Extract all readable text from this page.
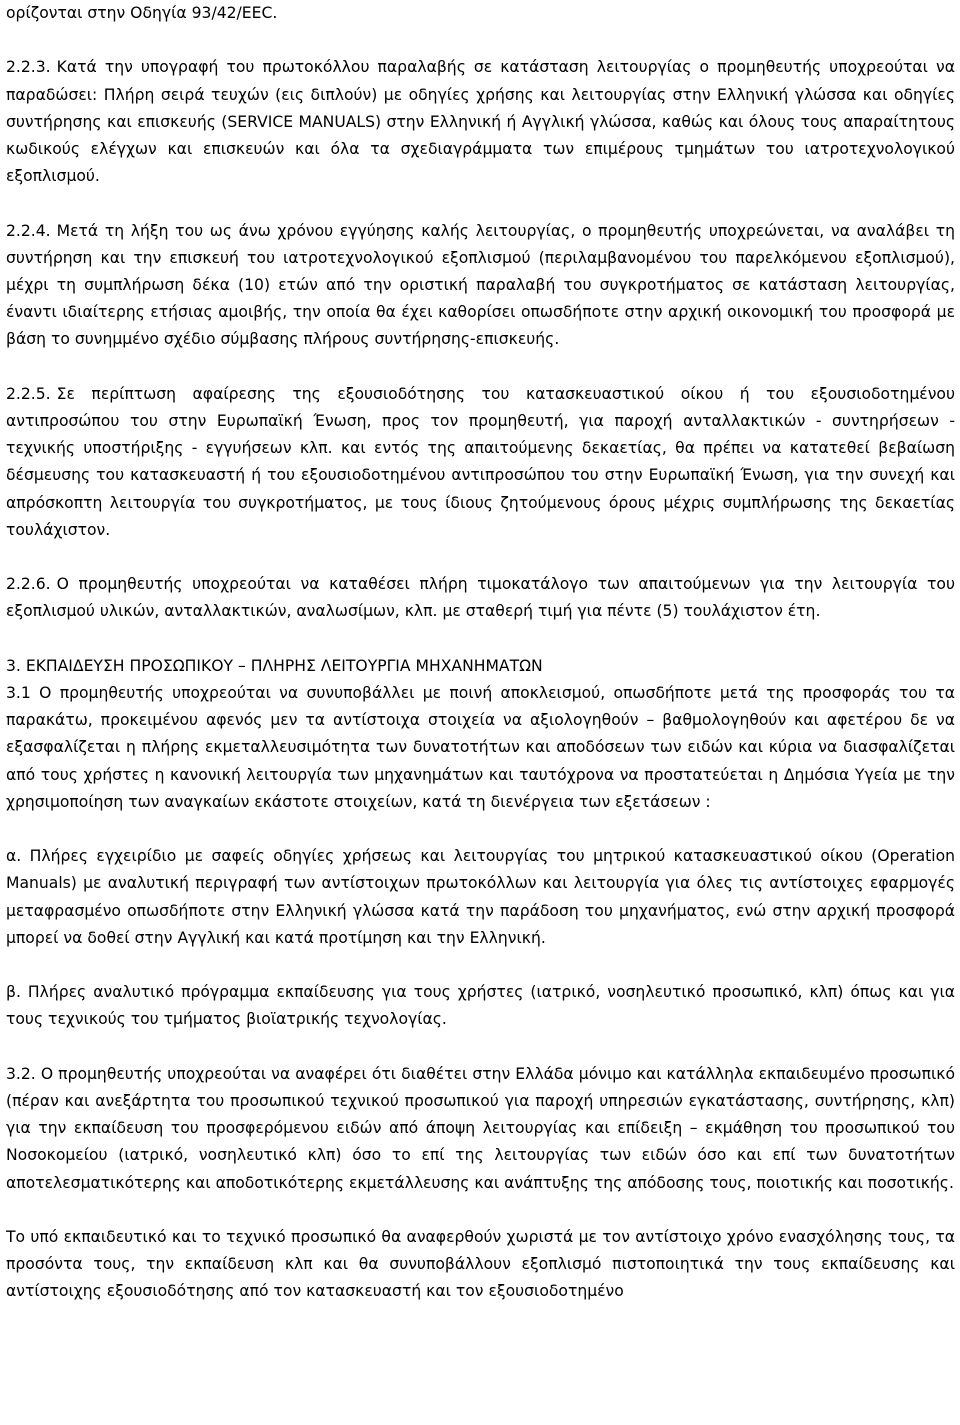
ορίζονται στην Οδηγία 93/42/ΕΕC.

2.2.3. Κατά την υπογραφή του πρωτοκόλλου παραλαβής σε κατάσταση λειτουργίας ο προμηθευτής υποχρεούται να παραδώσει: Πλήρη σειρά τευχών (εις διπλούν) με οδηγίες χρήσης και λειτουργίας στην Ελληνική γλώσσα και οδηγίες συντήρησης και επισκευής (SERVICE MANUALS) στην Ελληνική ή Αγγλική γλώσσα, καθώς και όλους τους απαραίτητους κωδικούς ελέγχων και επισκευών και όλα τα σχεδιαγράμματα των επιμέρους τμημάτων του ιατροτεχνολογικού εξοπλισμού.

2.2.4. Μετά τη λήξη του ως άνω χρόνου εγγύησης καλής λειτουργίας, ο προμηθευτής υποχρεώνεται, να αναλάβει τη συντήρηση και την επισκευή του ιατροτεχνολογικού εξοπλισμού (περιλαμβανομένου του παρελκόμενου εξοπλισμού), μέχρι τη συμπλήρωση δέκα (10) ετών από την οριστική παραλαβή του συγκροτήματος σε κατάσταση λειτουργίας, έναντι ιδιαίτερης ετήσιας αμοιβής, την οποία θα έχει καθορίσει οπωσδήποτε στην αρχική οικονομική του προσφορά με βάση το συνημμένο σχέδιο σύμβασης πλήρους συντήρησης-επισκευής.

2.2.5. Σε περίπτωση αφαίρεσης της εξουσιοδότησης του κατασκευαστικού οίκου ή του εξουσιοδοτημένου αντιπροσώπου του στην Ευρωπαϊκή Ένωση, προς τον προμηθευτή, για παροχή ανταλλακτικών - συντηρήσεων - τεχνικής υποστήριξης - εγγυήσεων κλπ. και εντός της απαιτούμενης δεκαετίας, θα πρέπει να κατατεθεί βεβαίωση δέσμευσης του κατασκευαστή ή του εξουσιοδοτημένου αντιπροσώπου του στην Ευρωπαϊκή Ένωση, για την συνεχή και απρόσκοπτη λειτουργία του συγκροτήματος, με τους ίδιους ζητούμενους όρους μέχρις συμπλήρωσης της δεκαετίας τουλάχιστον.

2.2.6. Ο προμηθευτής υποχρεούται να καταθέσει πλήρη τιμοκατάλογο των απαιτούμενων για την λειτουργία του εξοπλισμού υλικών, ανταλλακτικών, αναλωσίμων, κλπ. με σταθερή τιμή για πέντε (5) τουλάχιστον έτη.

3. ΕΚΠΑΙΔΕΥΣΗ ΠΡΟΣΩΠΙΚΟΥ – ΠΛΗΡΗΣ ΛΕΙΤΟΥΡΓΙΑ ΜΗΧΑΝΗΜΑΤΩΝ

3.1 Ο προμηθευτής υποχρεούται να συνυποβάλλει με ποινή αποκλεισμού, οπωσδήποτε μετά της προσφοράς του τα παρακάτω, προκειμένου αφενός μεν τα αντίστοιχα στοιχεία να αξιολογηθούν – βαθμολογηθούν και αφετέρου δε να εξασφαλίζεται η πλήρης εκμεταλλευσιμότητα των δυνατοτήτων και αποδόσεων των ειδών και κύρια να διασφαλίζεται από τους χρήστες η κανονική λειτουργία των μηχανημάτων και ταυτόχρονα να προστατεύεται η Δημόσια Υγεία με την χρησιμοποίηση των αναγκαίων εκάστοτε στοιχείων, κατά τη διενέργεια των εξετάσεων :

α. Πλήρες εγχειρίδιο με σαφείς οδηγίες χρήσεως και λειτουργίας του μητρικού κατασκευαστικού οίκου (Operation Manuals) με αναλυτική περιγραφή των αντίστοιχων πρωτοκόλλων και λειτουργία για όλες τις αντίστοιχες εφαρμογές μεταφρασμένο οπωσδήποτε στην Ελληνική γλώσσα κατά την παράδοση του μηχανήματος, ενώ στην αρχική προσφορά μπορεί να δοθεί στην Αγγλική και κατά προτίμηση και την Ελληνική.

β. Πλήρες αναλυτικό πρόγραμμα εκπαίδευσης για τους χρήστες (ιατρικό, νοσηλευτικό προσωπικό, κλπ) όπως και για τους τεχνικούς του τμήματος βιοϊατρικής τεχνολογίας.

3.2. Ο προμηθευτής υποχρεούται να αναφέρει ότι διαθέτει στην Ελλάδα μόνιμο και κατάλληλα εκπαιδευμένο προσωπικό (πέραν και ανεξάρτητα του προσωπικού τεχνικού προσωπικού για παροχή υπηρεσιών εγκατάστασης, συντήρησης, κλπ) για την εκπαίδευση του προσφερόμενου ειδών από άποψη λειτουργίας και επίδειξη – εκμάθηση του προσωπικού του Νοσοκομείου (ιατρικό, νοσηλευτικό κλπ) όσο το επί της λειτουργίας των ειδών όσο και επί των δυνατοτήτων αποτελεσματικότερης και αποδοτικότερης εκμετάλλευσης και ανάπτυξης της απόδοσης τους, ποιοτικής και ποσοτικής.

Το υπό εκπαιδευτικό και το τεχνικό προσωπικό θα αναφερθούν χωριστά με τον αντίστοιχο χρόνο ενασχόλησης τους, τα προσόντα τους, την εκπαίδευση κλπ και θα συνυποβάλλουν εξοπλισμό πιστοποιητικά την τους εκπαίδευσης και αντίστοιχης εξουσιοδότησης από τον κατασκευαστή και τον εξουσιοδοτημένο
